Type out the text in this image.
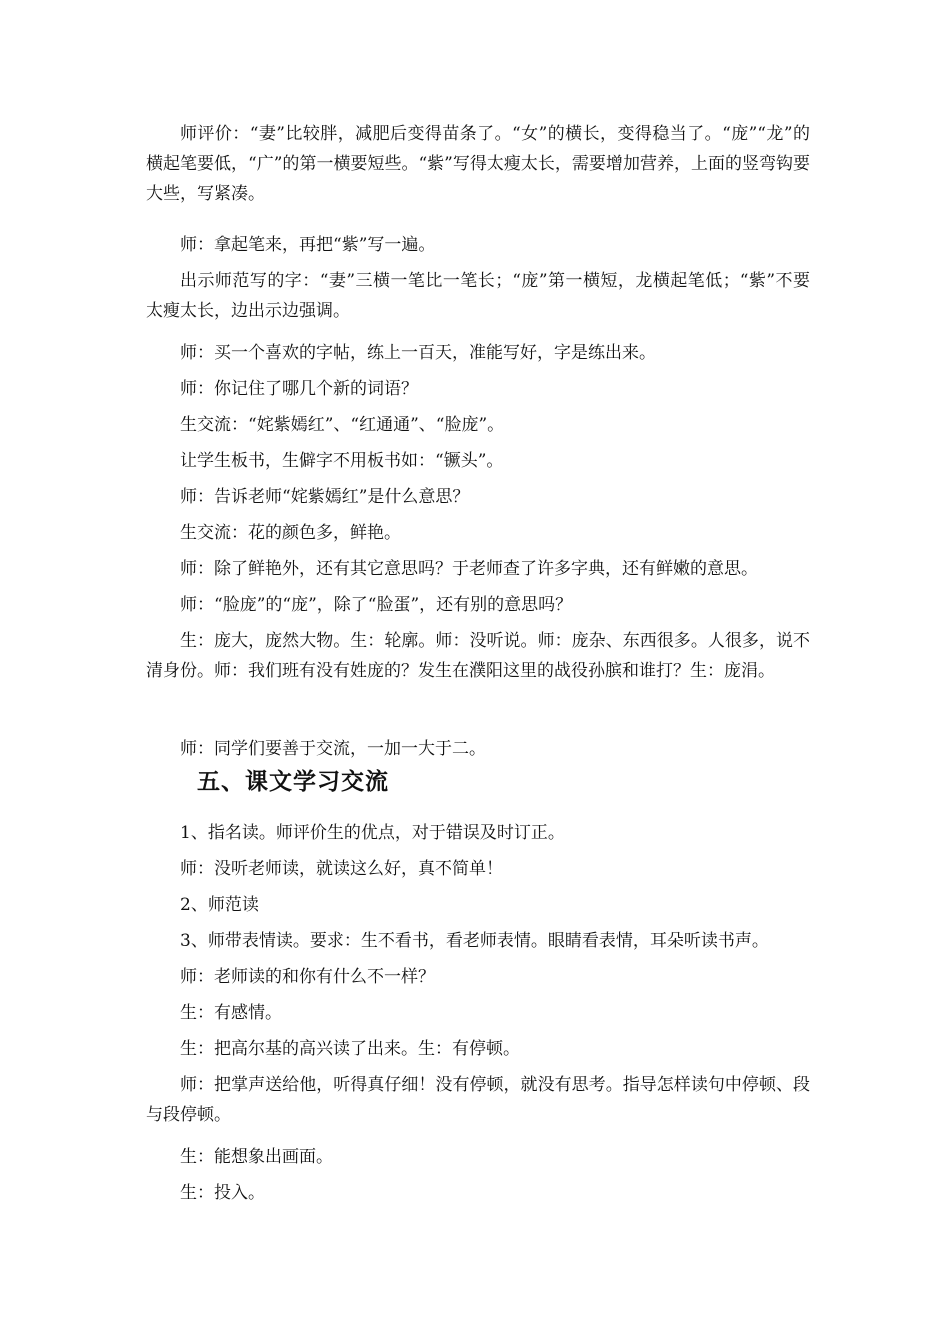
师评价：“妻”比较胖，减肥后变得苗条了。“女”的横长，变得稳当了。“庞”“龙”的横起笔要低，“广”的第一横要短些。“紫”写得太瘦太长，需要增加营养，上面的竖弯钩要大些，写紧凑。

师：拿起笔来，再把“紫”写一遍。

出示师范写的字：“妻”三横一笔比一笔长；“庞”第一横短，龙横起笔低；“紫”不要太瘦太长，边出示边强调。

师：买一个喜欢的字帖，练上一百天，准能写好，字是练出来。

师：你记住了哪几个新的词语？

生交流：“姹紫嫣红”、“红通通”、“脸庞”。

让学生板书，生僻字不用板书如：“镢头”。

师：告诉老师“姹紫嫣红”是什么意思？

生交流：花的颜色多，鲜艳。

师：除了鲜艳外，还有其它意思吗？于老师查了许多字典，还有鲜嫩的意思。

师：“脸庞”的“庞”，除了“脸蛋”，还有别的意思吗？

生：庞大，庞然大物。生：轮廓。师：没听说。师：庞杂、东西很多。人很多，说不清身份。师：我们班有没有姓庞的？发生在濮阳这里的战役孙膑和谁打？生：庞涓。

师：同学们要善于交流，一加一大于二。

五、课文学习交流

1、指名读。师评价生的优点，对于错误及时订正。

师：没听老师读，就读这么好，真不简单！

2、师范读

3、师带表情读。要求：生不看书，看老师表情。眼睛看表情，耳朵听读书声。

师：老师读的和你有什么不一样？

生：有感情。

生：把高尔基的高兴读了出来。生：有停顿。

师：把掌声送给他，听得真仔细！没有停顿，就没有思考。指导怎样读句中停顿、段与段停顿。

生：能想象出画面。

生：投入。
